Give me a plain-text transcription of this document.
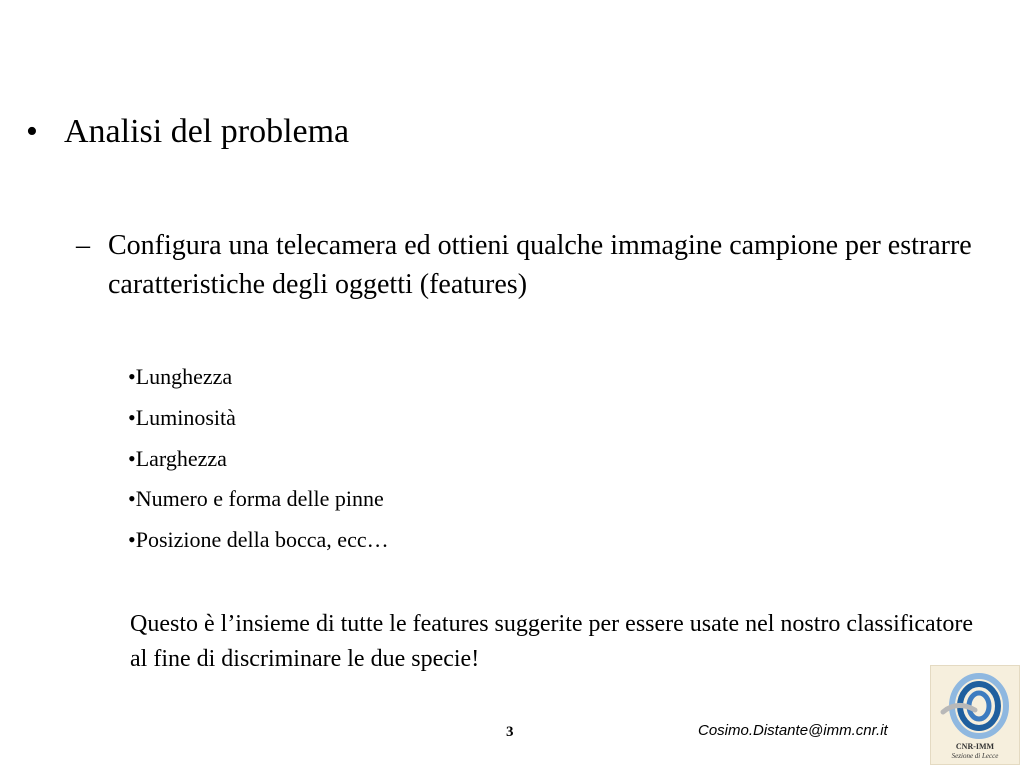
• Analisi del problema
– Configura una telecamera ed ottieni qualche immagine campione per estrarre caratteristiche degli oggetti (features)
•Lunghezza
•Luminosità
•Larghezza
•Numero e forma delle pinne
•Posizione della bocca, ecc…
Questo è l’insieme di tutte le features suggerite per essere usate nel nostro classificatore al fine di discriminare le due specie!
3	Cosimo.Distante@imm.cnr.it
CNR-IMM
Sezione di Lecce
